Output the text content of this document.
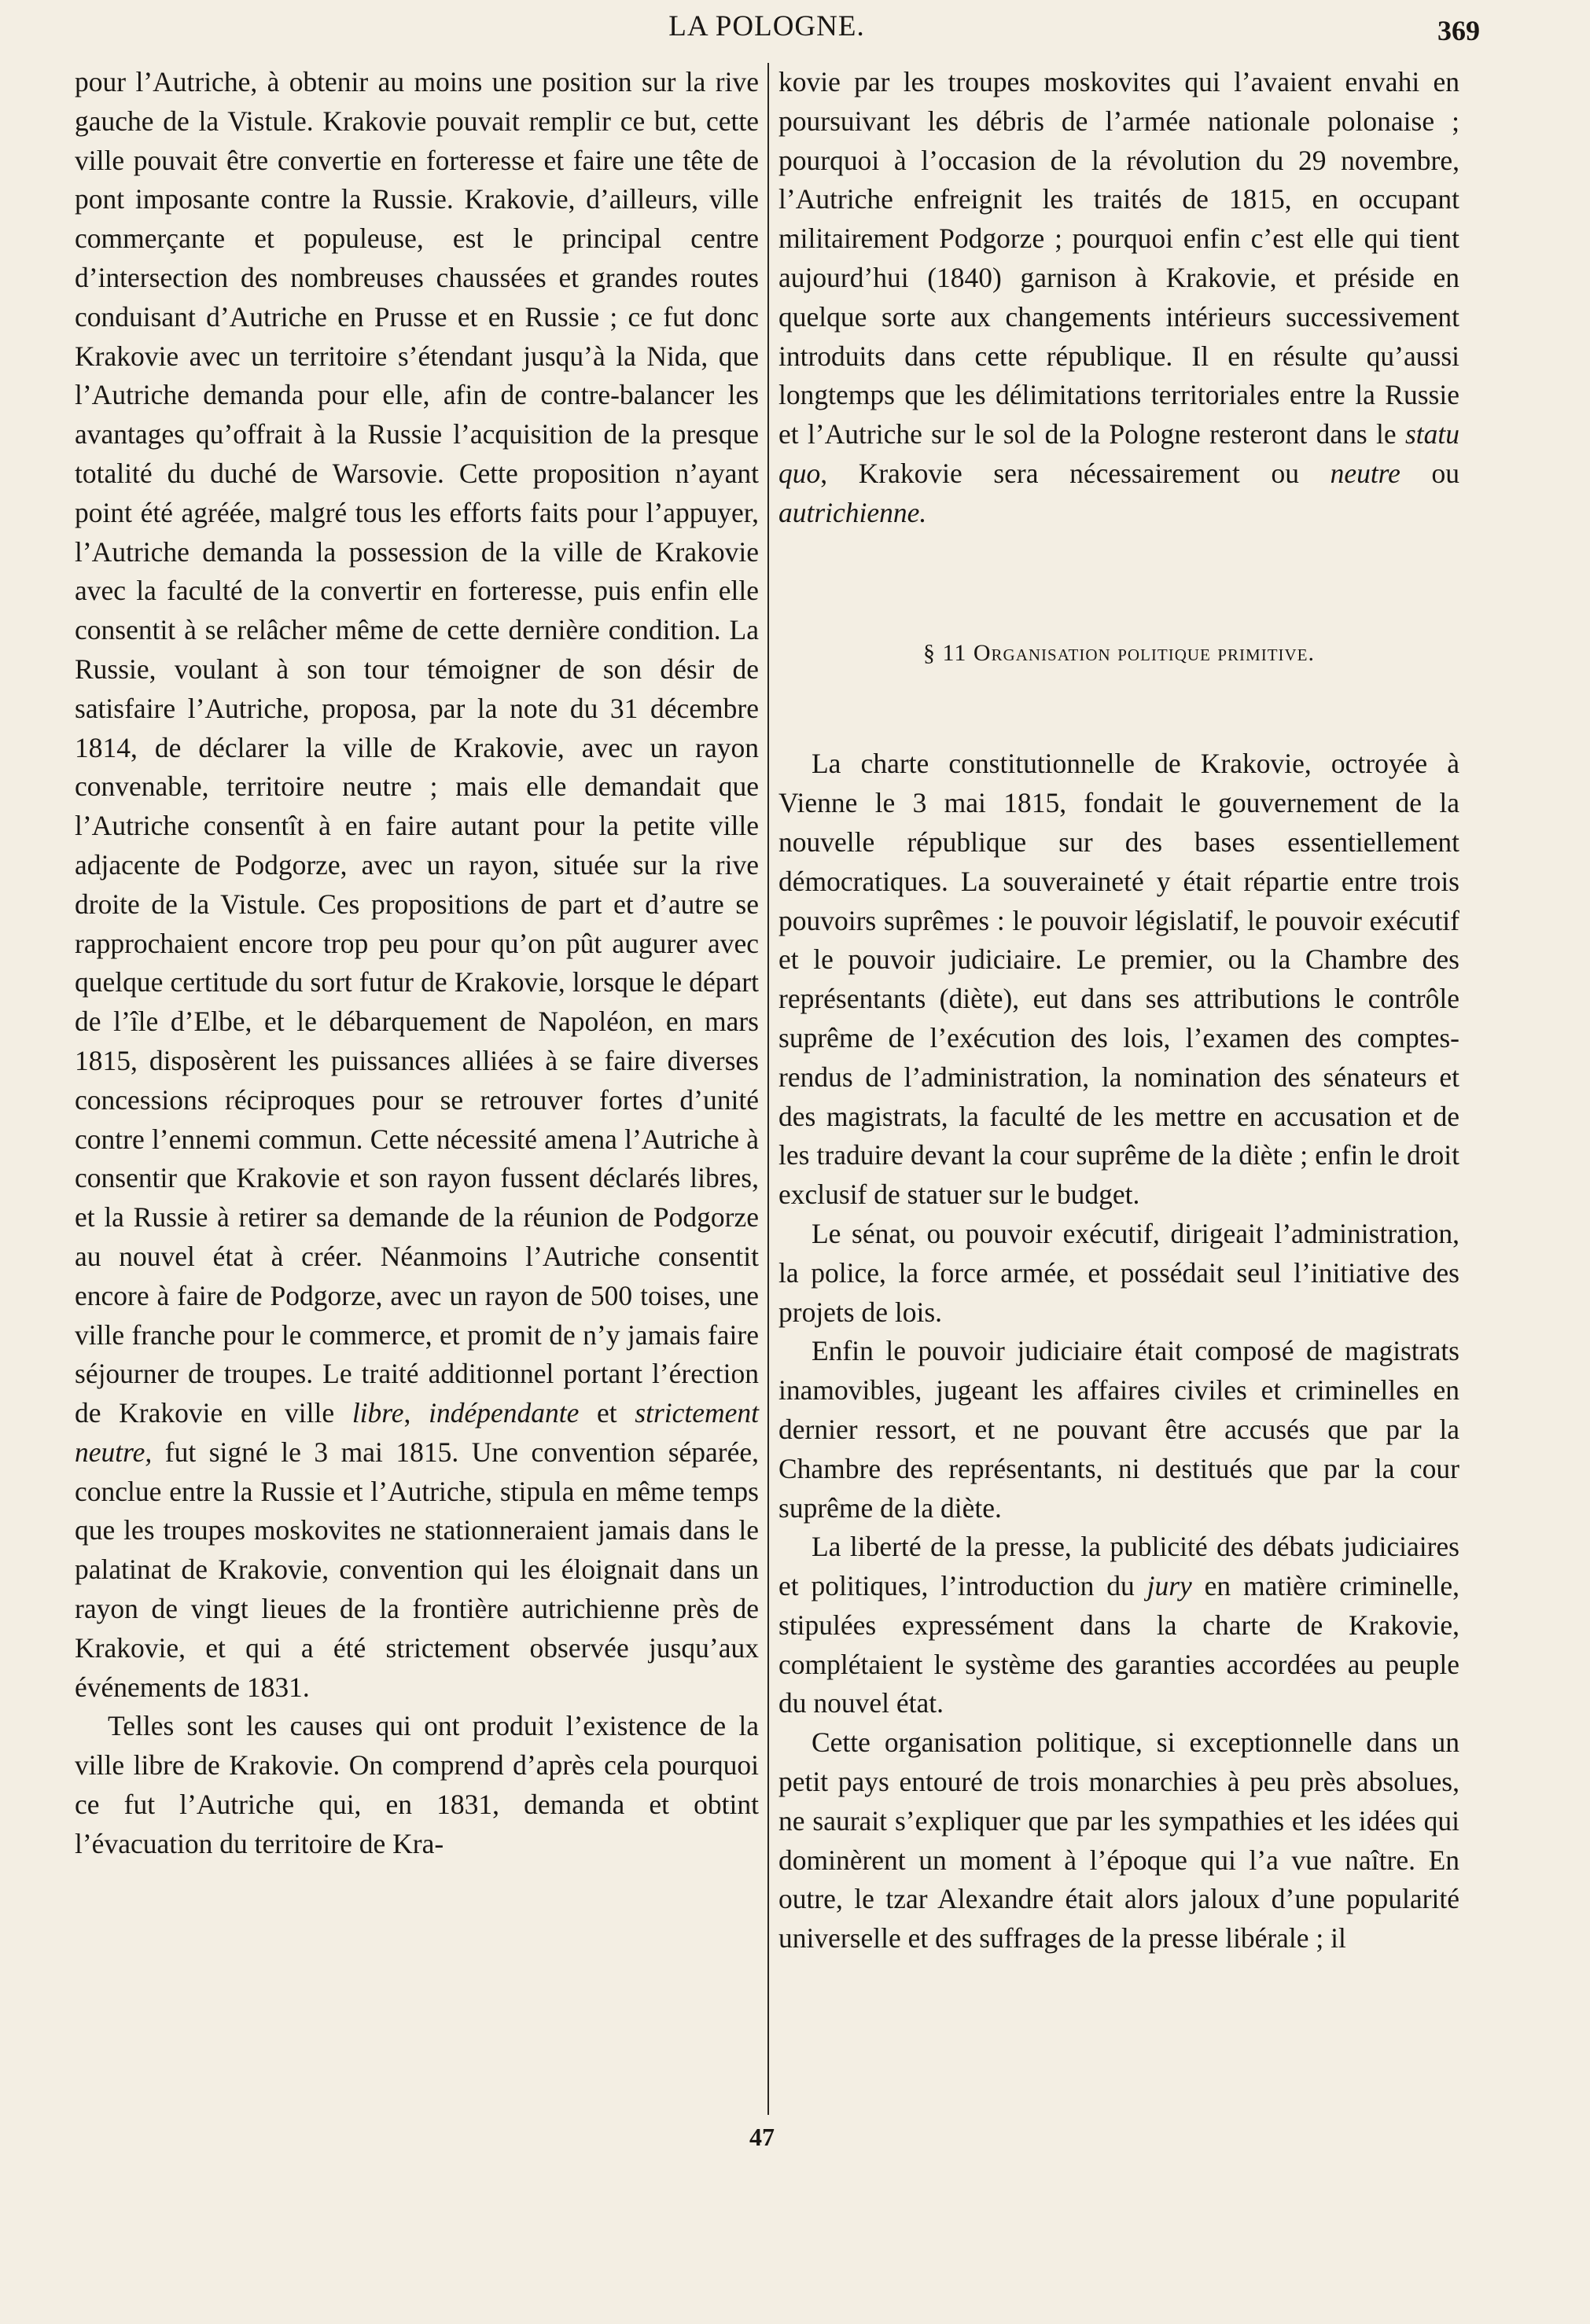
LA POLOGNE.	369

pour l’Autriche, à obtenir au moins une position sur la rive gauche de la Vistule. Krakovie pouvait remplir ce but, cette ville pouvait être convertie en forteresse et faire une tête de pont imposante contre la Russie. Krakovie, d’ailleurs, ville commerçante et populeuse, est le principal centre d’intersection des nombreuses chaussées et grandes routes conduisant d’Autriche en Prusse et en Russie ; ce fut donc Krakovie avec un territoire s’étendant jusqu’à la Nida, que l’Autriche demanda pour elle, afin de contre-balancer les avantages qu’offrait à la Russie l’acquisition de la presque totalité du duché de Warsovie. Cette proposition n’ayant point été agréée, malgré tous les efforts faits pour l’appuyer, l’Autriche demanda la possession de la ville de Krakovie avec la faculté de la convertir en forteresse, puis enfin elle consentit à se relâcher même de cette dernière condition. La Russie, voulant à son tour témoigner de son désir de satisfaire l’Autriche, proposa, par la note du 31 décembre 1814, de déclarer la ville de Krakovie, avec un rayon convenable, territoire neutre ; mais elle demandait que l’Autriche consentît à en faire autant pour la petite ville adjacente de Podgorze, avec un rayon, située sur la rive droite de la Vistule. Ces propositions de part et d’autre se rapprochaient encore trop peu pour qu’on pût augurer avec quelque certitude du sort futur de Krakovie, lorsque le départ de l’île d’Elbe, et le débarquement de Napoléon, en mars 1815, disposèrent les puissances alliées à se faire diverses concessions réciproques pour se retrouver fortes d’unité contre l’ennemi commun. Cette nécessité amena l’Autriche à consentir que Krakovie et son rayon fussent déclarés libres, et la Russie à retirer sa demande de la réunion de Podgorze au nouvel état à créer. Néanmoins l’Autriche consentit encore à faire de Podgorze, avec un rayon de 500 toises, une ville franche pour le commerce, et promit de n’y jamais faire séjourner de troupes. Le traité additionnel portant l’érection de Krakovie en ville libre, indépendante et strictement neutre, fut signé le 3 mai 1815. Une convention séparée, conclue entre la Russie et l’Autriche, stipula en même temps que les troupes moskovites ne stationneraient jamais dans le palatinat de Krakovie, convention qui les éloignait dans un rayon de vingt lieues de la frontière autrichienne près de Krakovie, et qui a été strictement observée jusqu’aux événements de 1831.

Telles sont les causes qui ont produit l’existence de la ville libre de Krakovie. On comprend d’après cela pourquoi ce fut l’Autriche qui, en 1831, demanda et obtint l’évacuation du territoire de Kra-

kovie par les troupes moskovites qui l’avaient envahi en poursuivant les débris de l’armée nationale polonaise ; pourquoi à l’occasion de la révolution du 29 novembre, l’Autriche enfreignit les traités de 1815, en occupant militairement Podgorze ; pourquoi enfin c’est elle qui tient aujourd’hui (1840) garnison à Krakovie, et préside en quelque sorte aux changements intérieurs successivement introduits dans cette république. Il en résulte qu’aussi longtemps que les délimitations territoriales entre la Russie et l’Autriche sur le sol de la Pologne resteront dans le statu quo, Krakovie sera nécessairement ou neutre ou autrichienne.

§ 11 Organisation politique primitive.

La charte constitutionnelle de Krakovie, octroyée à Vienne le 3 mai 1815, fondait le gouvernement de la nouvelle république sur des bases essentiellement démocratiques. La souveraineté y était répartie entre trois pouvoirs suprêmes : le pouvoir législatif, le pouvoir exécutif et le pouvoir judiciaire. Le premier, ou la Chambre des représentants (diète), eut dans ses attributions le contrôle suprême de l’exécution des lois, l’examen des comptes-rendus de l’administration, la nomination des sénateurs et des magistrats, la faculté de les mettre en accusation et de les traduire devant la cour suprême de la diète ; enfin le droit exclusif de statuer sur le budget.

Le sénat, ou pouvoir exécutif, dirigeait l’administration, la police, la force armée, et possédait seul l’initiative des projets de lois.

Enfin le pouvoir judiciaire était composé de magistrats inamovibles, jugeant les affaires civiles et criminelles en dernier ressort, et ne pouvant être accusés que par la Chambre des représentants, ni destitués que par la cour suprême de la diète.

La liberté de la presse, la publicité des débats judiciaires et politiques, l’introduction du jury en matière criminelle, stipulées expressément dans la charte de Krakovie, complétaient le système des garanties accordées au peuple du nouvel état.

Cette organisation politique, si exceptionnelle dans un petit pays entouré de trois monarchies à peu près absolues, ne saurait s’expliquer que par les sympathies et les idées qui dominèrent un moment à l’époque qui l’a vue naître. En outre, le tzar Alexandre était alors jaloux d’une popularité universelle et des suffrages de la presse libérale ; il

47
